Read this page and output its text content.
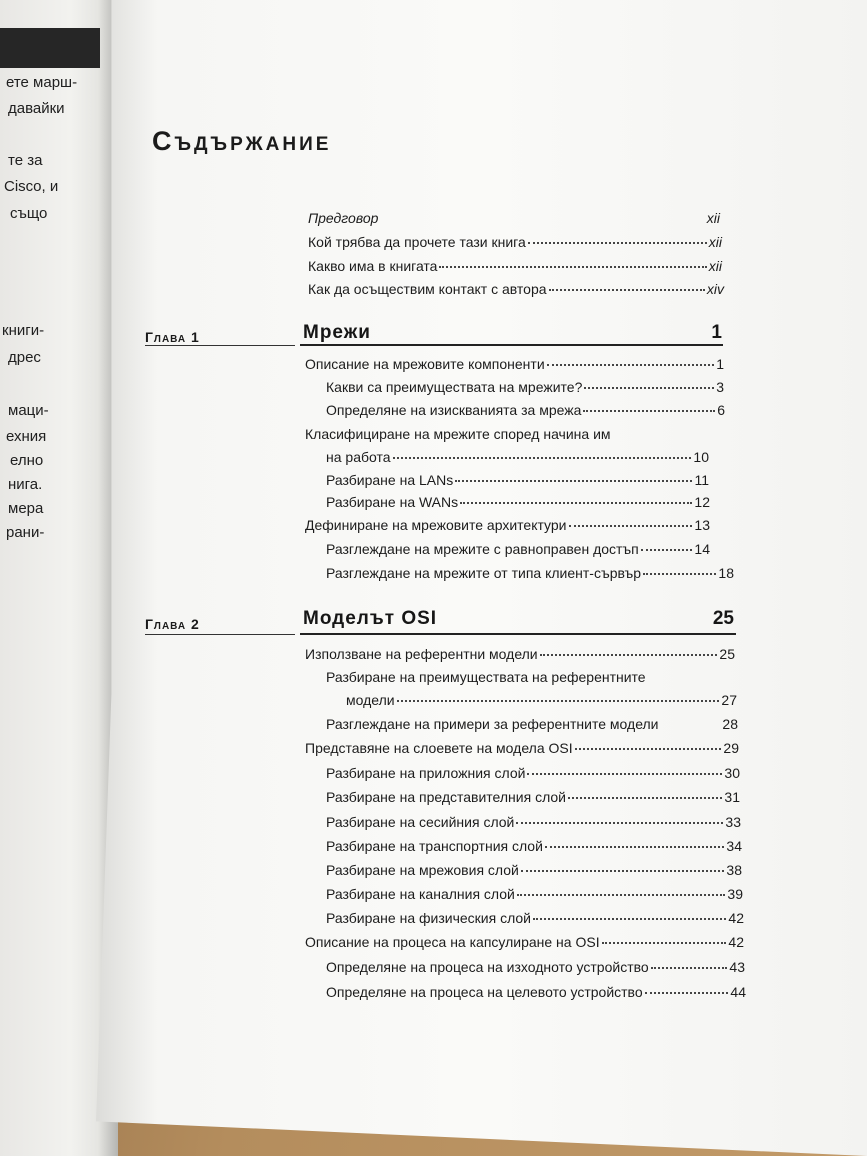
ете марш-
давайки
те за
Cisco, и
също
книги-
дрес
маци-
ехния
елно
нига.
мера
рани-
Съдържание
Предговор	xii
Кой трябва да прочете тази книга	xii
Какво има в книгата	xii
Как да осъществим контакт с автора	xiv
Глава 1	Мрежи	1
Описание на мрежовите компоненти	1
Какви са преимуществата на мрежите?	3
Определяне на изискванията за мрежа	6
Класифициране на мрежите според начина им
на работа	10
Разбиране на LANs	11
Разбиране на WANs	12
Дефиниране на мрежовите архитектури	13
Разглеждане на мрежите с равноправен достъп	14
Разглеждане на мрежите от типа клиент-сървър	18
Глава 2	Моделът OSI	25
Използване на референтни модели	25
Разбиране на преимуществата на референтните
модели	27
Разглеждане на примери за референтните модели	28
Представяне на слоевете на модела OSI	29
Разбиране на приложния слой	30
Разбиране на представителния слой	31
Разбиране на сесийния слой	33
Разбиране на транспортния слой	34
Разбиране на мрежовия слой	38
Разбиране на каналния слой	39
Разбиране на физическия слой	42
Описание на процеса на капсулиране на OSI	42
Определяне на процеса на изходното устройство	43
Определяне на процеса на целевото устройство	44
